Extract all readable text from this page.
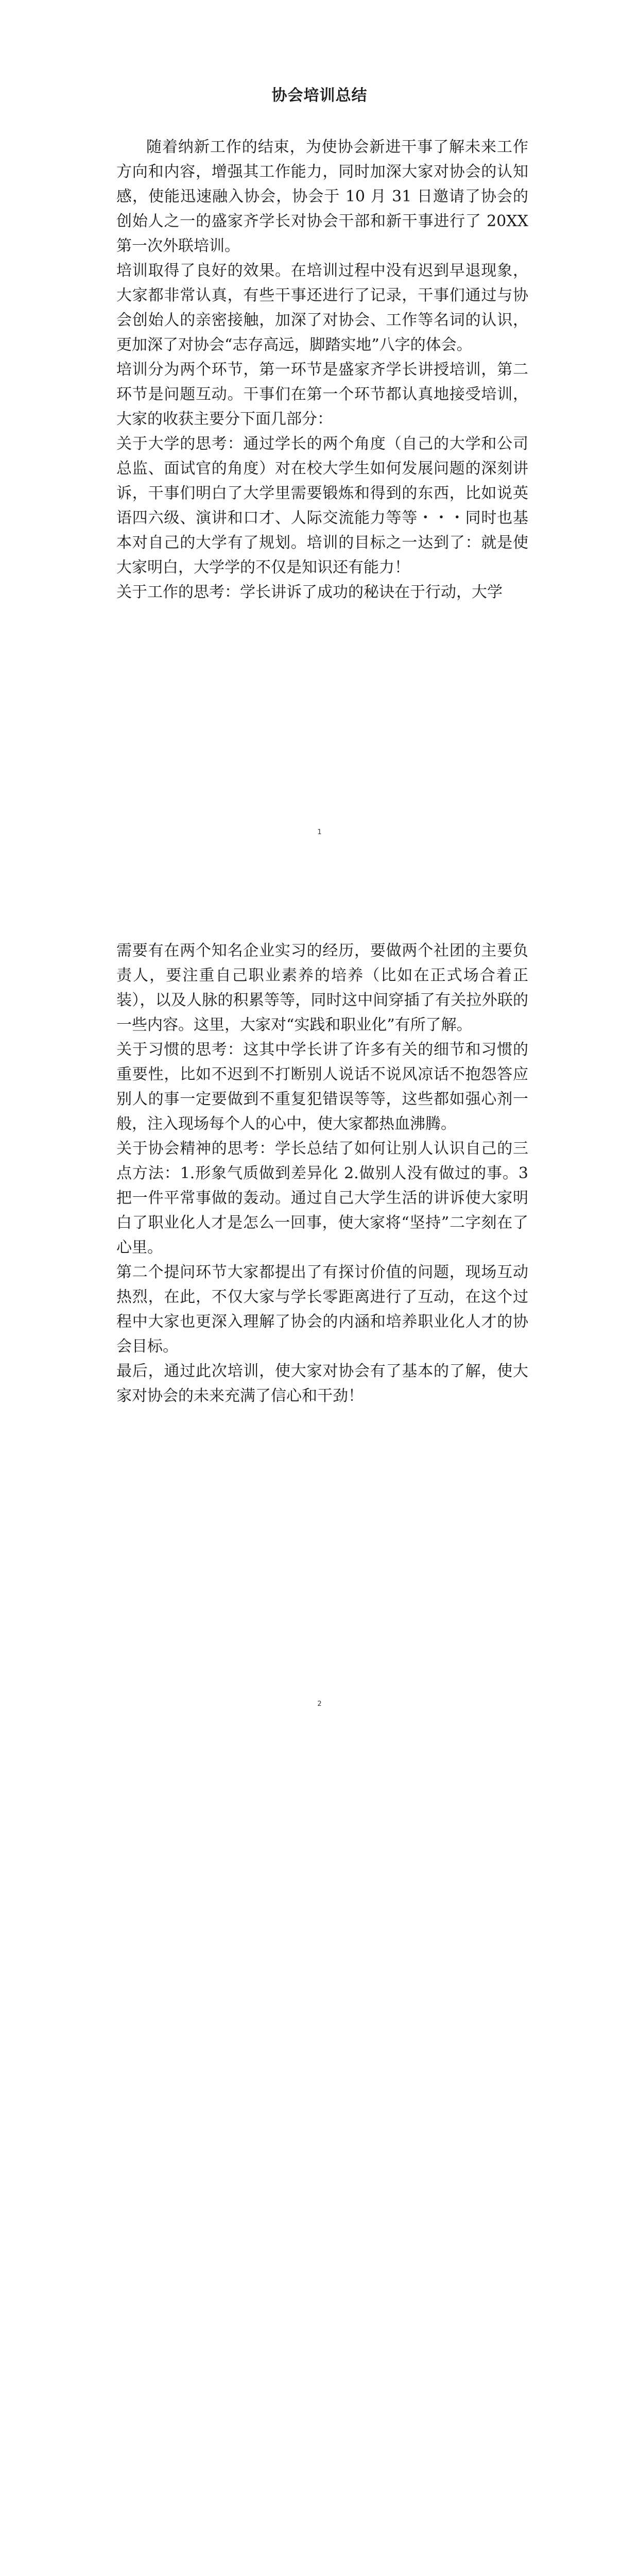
协会培训总结

随着纳新工作的结束，为使协会新进干事了解未来工作方向和内容，增强其工作能力，同时加深大家对协会的认知感，使能迅速融入协会，协会于 10 月 31 日邀请了协会的创始人之一的盛家齐学长对协会干部和新干事进行了 20XX 第一次外联培训。

培训取得了良好的效果。在培训过程中没有迟到早退现象，大家都非常认真，有些干事还进行了记录，干事们通过与协会创始人的亲密接触，加深了对协会、工作等名词的认识，更加深了对协会“志存高远，脚踏实地”八字的体会。

培训分为两个环节，第一环节是盛家齐学长讲授培训，第二环节是问题互动。干事们在第一个环节都认真地接受培训，大家的收获主要分下面几部分：

关于大学的思考：通过学长的两个角度（自己的大学和公司总监、面试官的角度）对在校大学生如何发展问题的深刻讲诉，干事们明白了大学里需要锻炼和得到的东西，比如说英语四六级、演讲和口才、人际交流能力等等・・・同时也基本对自己的大学有了规划。培训的目标之一达到了：就是使大家明白，大学学的不仅是知识还有能力！

关于工作的思考：学长讲诉了成功的秘诀在于行动，大学

1

需要有在两个知名企业实习的经历，要做两个社团的主要负责人，要注重自己职业素养的培养（比如在正式场合着正装），以及人脉的积累等等，同时这中间穿插了有关拉外联的一些内容。这里，大家对“实践和职业化”有所了解。

关于习惯的思考：这其中学长讲了许多有关的细节和习惯的重要性，比如不迟到不打断别人说话不说风凉话不抱怨答应别人的事一定要做到不重复犯错误等等，这些都如强心剂一般，注入现场每个人的心中，使大家都热血沸腾。

关于协会精神的思考：学长总结了如何让别人认识自己的三点方法：1.形象气质做到差异化 2.做别人没有做过的事。3 把一件平常事做的轰动。通过自己大学生活的讲诉使大家明白了职业化人才是怎么一回事，使大家将“坚持”二字刻在了心里。

第二个提问环节大家都提出了有探讨价值的问题，现场互动热烈，在此，不仅大家与学长零距离进行了互动，在这个过程中大家也更深入理解了协会的内涵和培养职业化人才的协会目标。

最后，通过此次培训，使大家对协会有了基本的了解，使大家对协会的未来充满了信心和干劲！

2
